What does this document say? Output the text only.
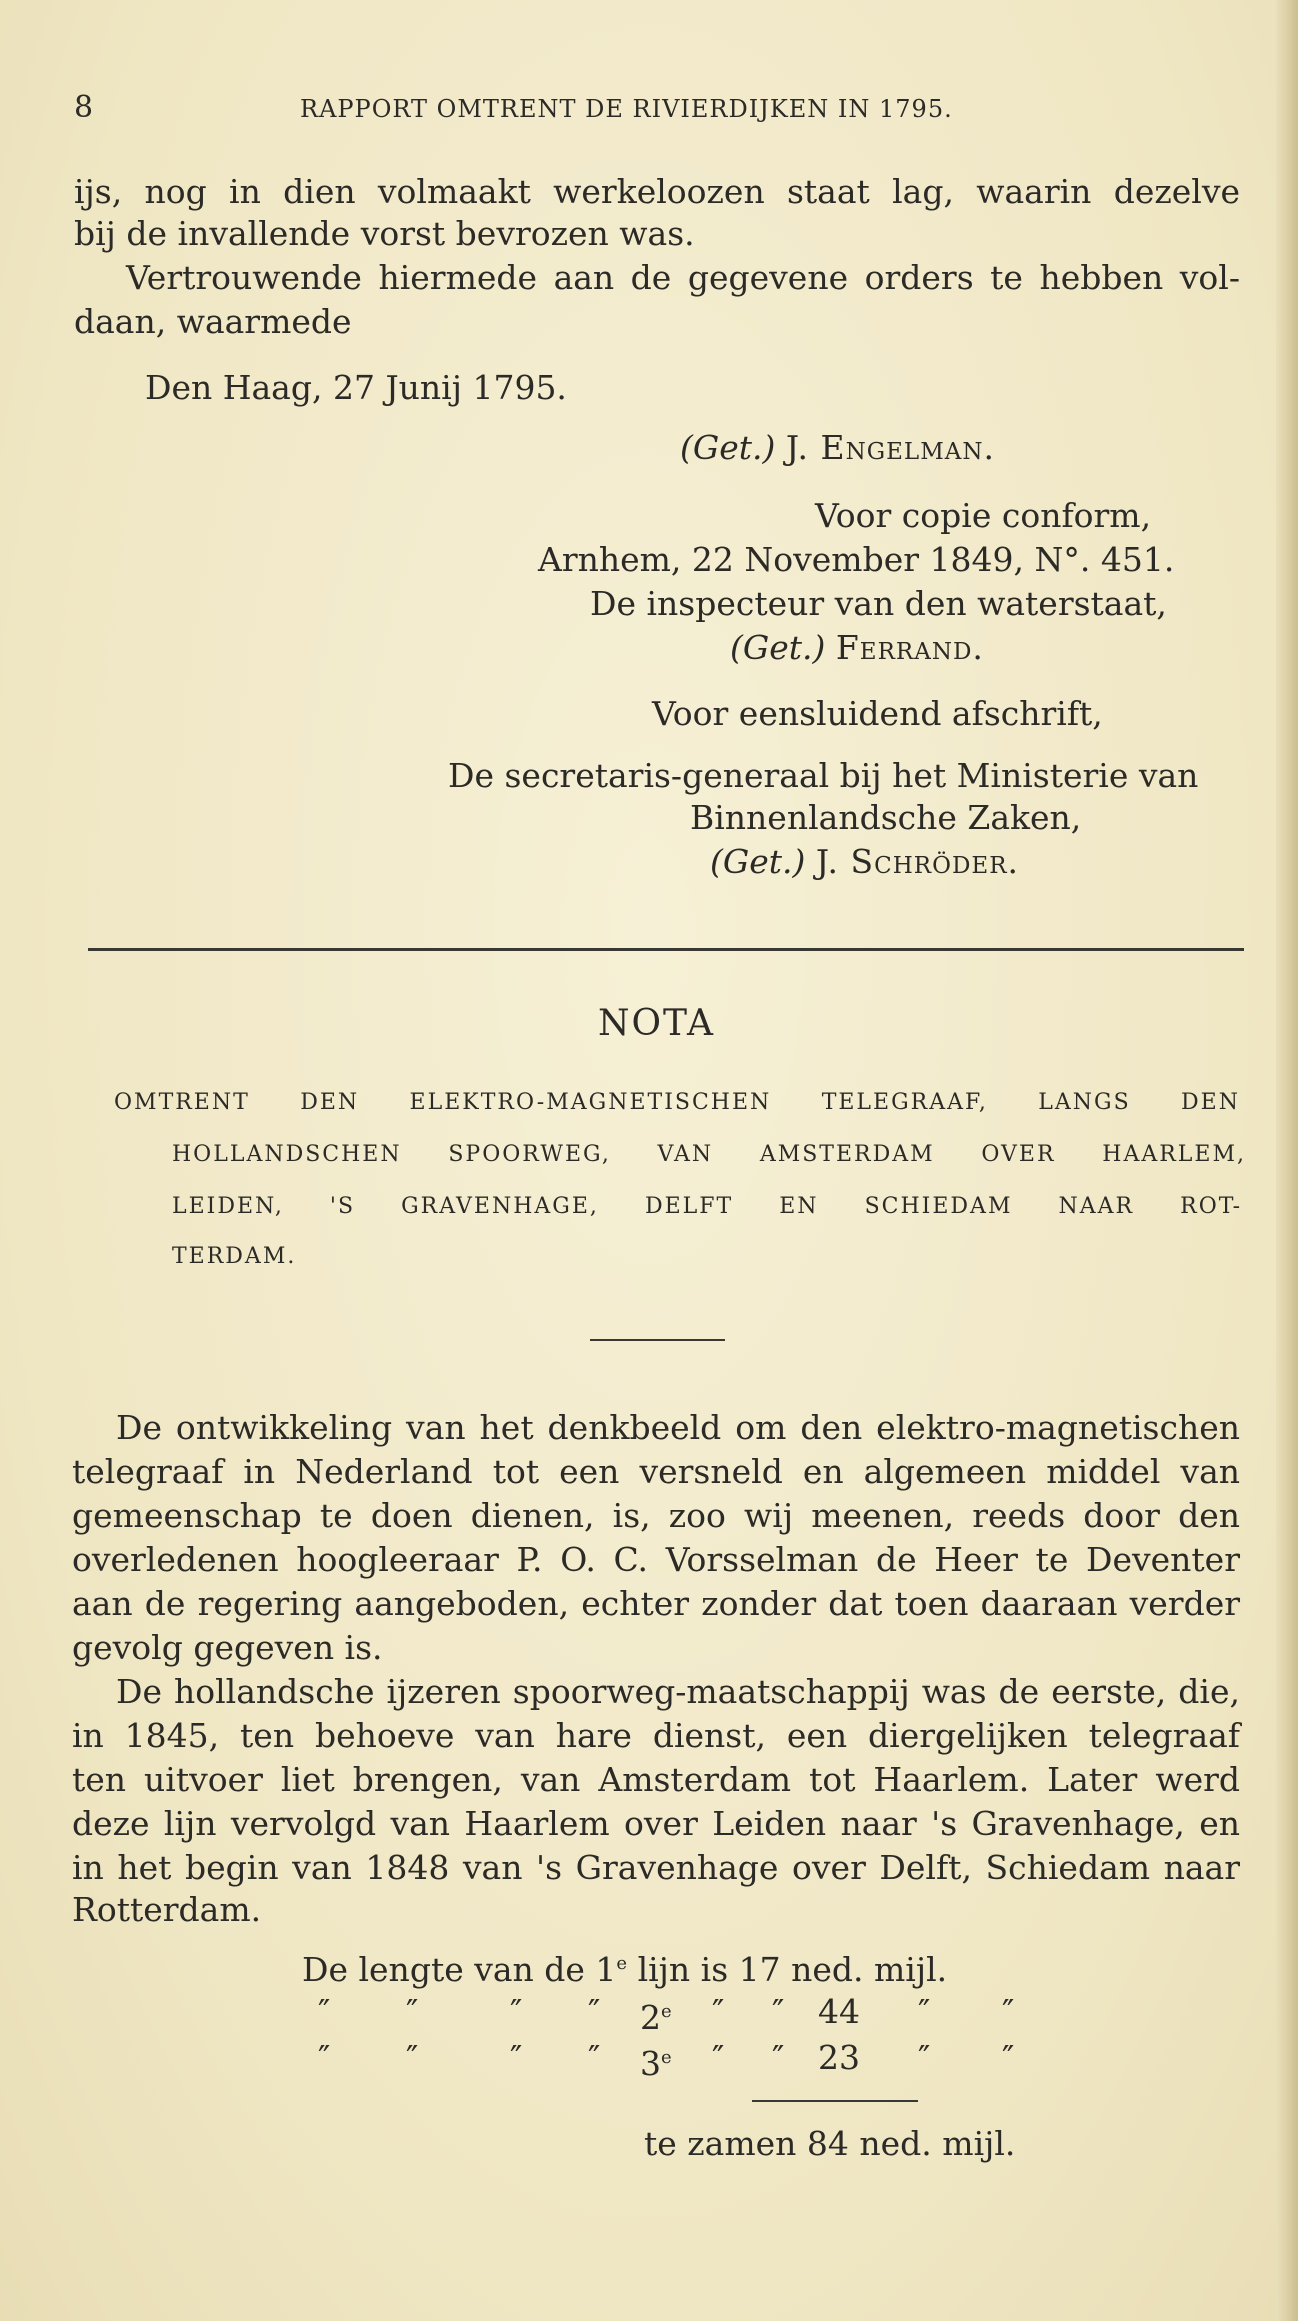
8	RAPPORT OMTRENT DE RIVIERDIJKEN IN 1795.
ijs, nog in dien volmaakt werkeloozen staat lag, waarin dezelve
bij de invallende vorst bevrozen was.
Vertrouwende hiermede aan de gegevene orders te hebben vol-
daan, waarmede
Den Haag, 27 Junij 1795.
(Get.) J. Engelman.
Voor copie conform,
Arnhem, 22 November 1849, N°. 451.
De inspecteur van den waterstaat,
(Get.) Ferrand.
Voor eensluidend afschrift,
De secretaris-generaal bij het Ministerie van
Binnenlandsche Zaken,
(Get.) J. Schröder.
NOTA
OMTRENT DEN ELEKTRO-MAGNETISCHEN TELEGRAAF, LANGS DEN
HOLLANDSCHEN SPOORWEG, VAN AMSTERDAM OVER HAARLEM,
LEIDEN, 'S GRAVENHAGE, DELFT EN SCHIEDAM NAAR ROT-
TERDAM.
De ontwikkeling van het denkbeeld om den elektro-magnetischen
telegraaf in Nederland tot een versneld en algemeen middel van
gemeenschap te doen dienen, is, zoo wij meenen, reeds door den
overledenen hoogleeraar P. O. C. Vorsselman de Heer te Deventer
aan de regering aangeboden, echter zonder dat toen daaraan verder
gevolg gegeven is.
De hollandsche ijzeren spoorweg-maatschappij was de eerste, die,
in 1845, ten behoeve van hare dienst, een diergelijken telegraaf
ten uitvoer liet brengen, van Amsterdam tot Haarlem. Later werd
deze lijn vervolgd van Haarlem over Leiden naar 's Gravenhage, en
in het begin van 1848 van 's Gravenhage over Delft, Schiedam naar
Rotterdam.
De lengte van de 1e lijn is 17 ned. mijl.
″ ″	″ ″ 2e ″ ″ 44 ″ ″
″ ″	″ ″ 3e ″ ″ 23 ″ ″
te zamen 84 ned. mijl.
